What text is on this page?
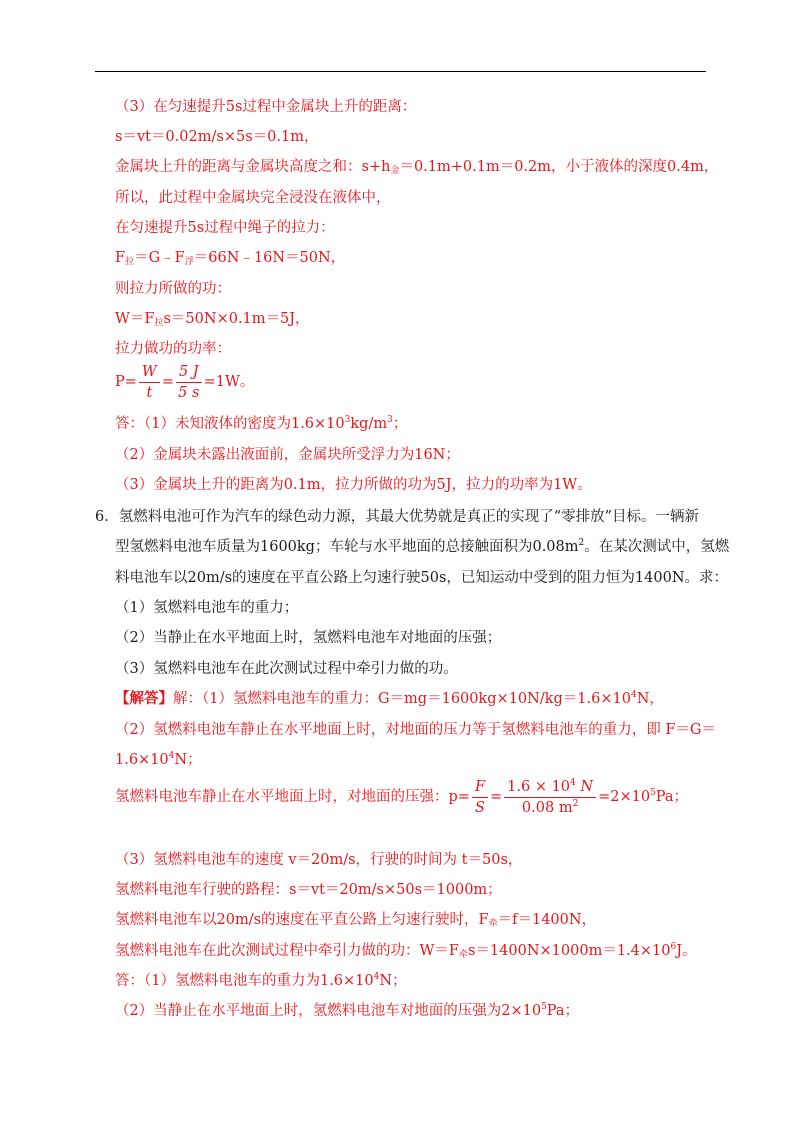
（3）在匀速提升5s过程中金属块上升的距离：
s＝vt＝0.02m/s×5s＝0.1m，
金属块上升的距离与金属块高度之和：$s+h_金=0.1m+0.1m=0.2m$，小于液体的深度0.4m，
所以，此过程中金属块完全浸没在液体中，
在匀速提升5s过程中绳子的拉力：
$F_拉=G﹣F_浮=66N﹣16N=50N$，
则拉力所做的功：
$W=F_拉s=50N\times 0.1m=5J$，
拉力做功的功率：
$P= \frac{W}{t} = \frac{5 J}{5 s} =1W$。
答：（1）未知液体的密度为$1.6\times 10^3kg/m^3$；
（2）金属块未露出液面前，金属块所受浮力为16N；
（3）金属块上升的距离为0.1m，拉力所做的功为5J，拉力的功率为1W。
6．氢燃料电池可作为汽车的绿色动力源，其最大优势就是真正的实现了“零排放”目标。一辆新
型氢燃料电池车质量为1600kg；车轮与水平地面的总接触面积为$0.08m^2$。在某次测试中，氢燃
料电池车以20m/s的速度在平直公路上匀速行驶50s，已知运动中受到的阻力恒为1400N。求：
（1）氢燃料电池车的重力；
（2）当静止在水平地面上时，氢燃料电池车对地面的压强；
（3）氢燃料电池车在此次测试过程中牵引力做的功。
【解答】解：（1）氢燃料电池车的重力：$G=mg=1600kg\times 10N/kg=1.6\times 10^4N$，
（2）氢燃料电池车静止在水平地面上时，对地面的压力等于氢燃料电池车的重力，即 F＝G＝
$1.6\times 10^4N$；
氢燃料电池车静止在水平地面上时，对地面的压强：$p= \frac{F}{S} = \frac{1.6 \times 10^4 N}{0.08 m^2} =2\times 10^5Pa$；
（3）氢燃料电池车的速度 v＝20m/s，行驶的时间为 t＝50s，
氢燃料电池车行驶的路程：s＝vt＝20m/s×50s＝1000m；
氢燃料电池车以20m/s的速度在平直公路上匀速行驶时，$F_牵=f=1400N$，
氢燃料电池车在此次测试过程中牵引力做的功：$W=F_牵s=1400N\times 1000m=1.4\times 10^6J$。
答：（1）氢燃料电池车的重力为$1.6\times 10^4N$；
（2）当静止在水平地面上时，氢燃料电池车对地面的压强为$2\times 10^5Pa$；
